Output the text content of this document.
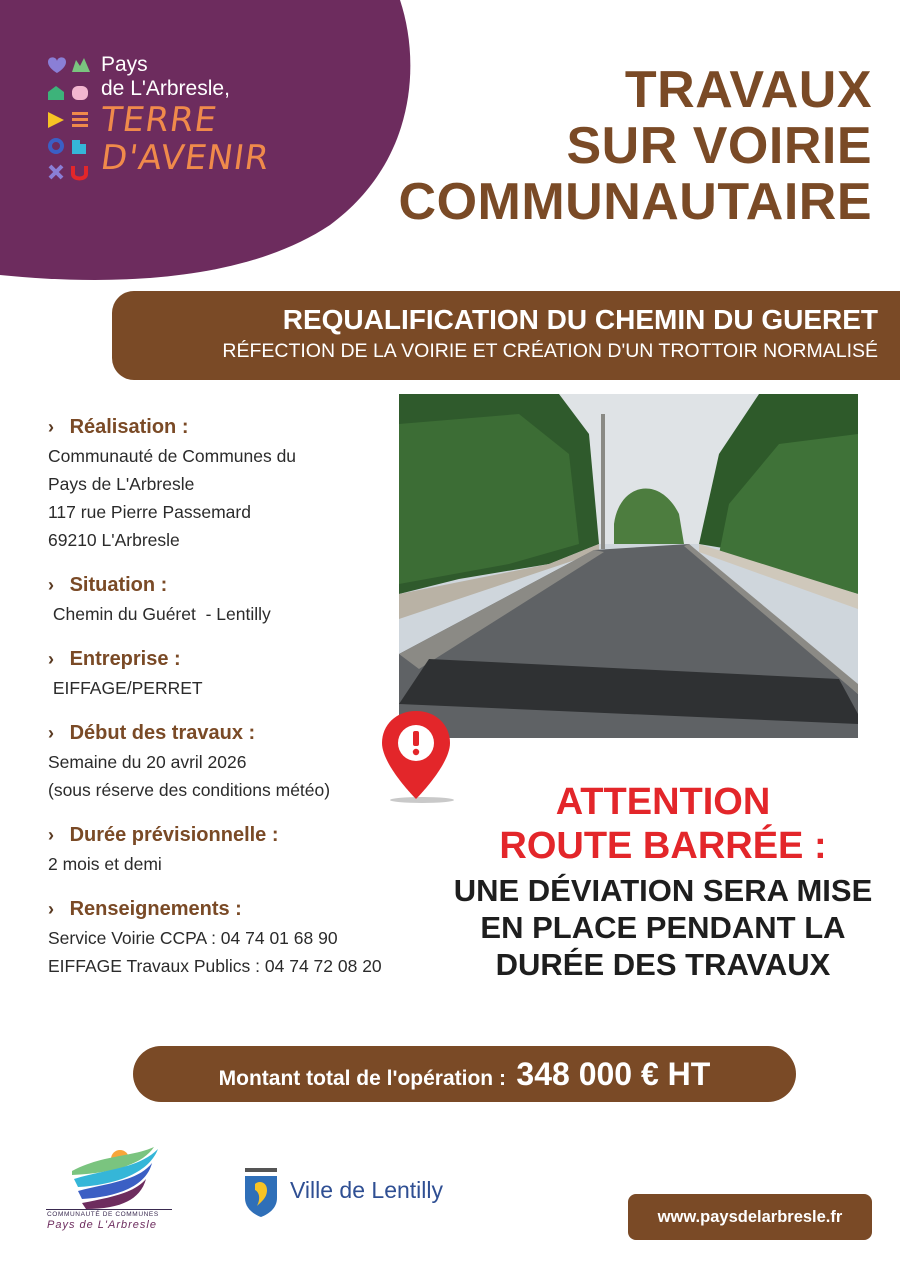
Pays
de L'Arbresle,
TERRE
D'AVENIR
TRAVAUX
SUR VOIRIE
COMMUNAUTAIRE
REQUALIFICATION DU CHEMIN DU GUERET
RÉFECTION DE LA VOIRIE ET CRÉATION D'UN TROTTOIR NORMALISÉ
› Réalisation :
Communauté de Communes du
Pays de L'Arbresle
117 rue Pierre Passemard
69210 L'Arbresle
› Situation :
Chemin du Guéret  - Lentilly
› Entreprise :
EIFFAGE/PERRET
› Début des travaux :
Semaine du 20 avril 2026
(sous réserve des conditions météo)
› Durée prévisionnelle :
2 mois et demi
› Renseignements :
Service Voirie CCPA : 04 74 01 68 90
EIFFAGE Travaux Publics : 04 74 72 08 20
ATTENTION
ROUTE BARRÉE :
UNE DÉVIATION SERA MISE
EN PLACE PENDANT LA
DURÉE DES TRAVAUX
Montant total de l'opération : 348 000 € HT
COMMUNAUTÉ DE COMMUNES
Pays de L'Arbresle
Ville de Lentilly
www.paysdelarbresle.fr
